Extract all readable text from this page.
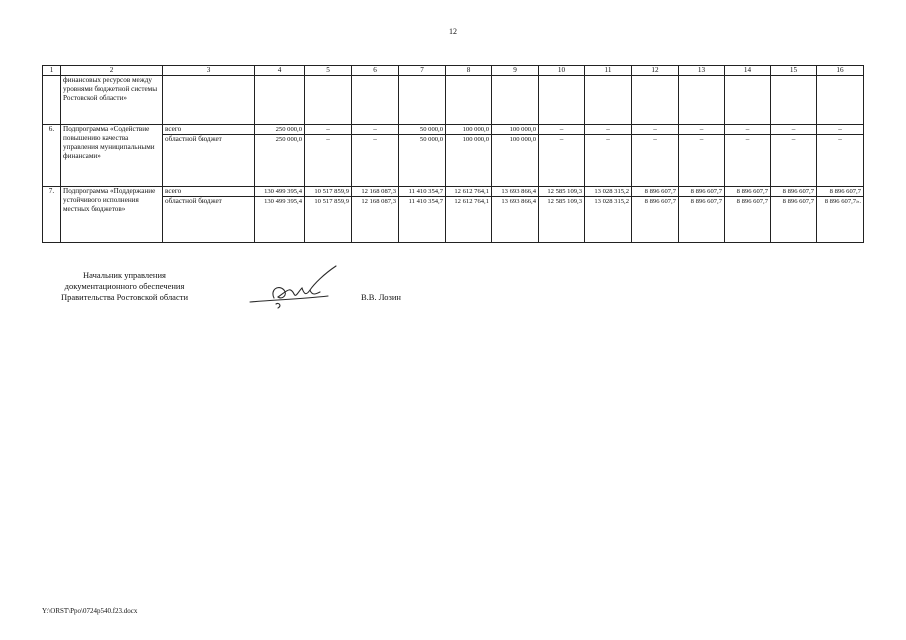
12
1	2	3	4	5	6	7	8	9	10	11	12	13	14	15	16
	финансовых ресурсов между уровнями бюджетной системы Ростовской области»														
6.	Подпрограмма «Содействие повышению качества управления муниципальными финансами»	всего	250 000,0	–	–	50 000,0	100 000,0	100 000,0	–	–	–	–	–	–	–
		областной бюджет	250 000,0	–	–	50 000,0	100 000,0	100 000,0	–	–	–	–	–	–	–
7.	Подпрограмма «Поддержание устойчивого исполнения местных бюджетов»	всего	130 499 395,4	10 517 859,9	12 168 087,3	11 410 354,7	12 612 764,1	13 693 866,4	12 585 109,3	13 028 315,2	8 896 607,7	8 896 607,7	8 896 607,7	8 896 607,7	8 896 607,7
		областной бюджет	130 499 395,4	10 517 859,9	12 168 087,3	11 410 354,7	12 612 764,1	13 693 866,4	12 585 109,3	13 028 315,2	8 896 607,7	8 896 607,7	8 896 607,7	8 896 607,7	8 896 607,7».
Начальник управления
документационного обеспечения
Правительства Ростовской области	В.В. Лозин
Y:\ORST\Ppo\0724p540.f23.docx
